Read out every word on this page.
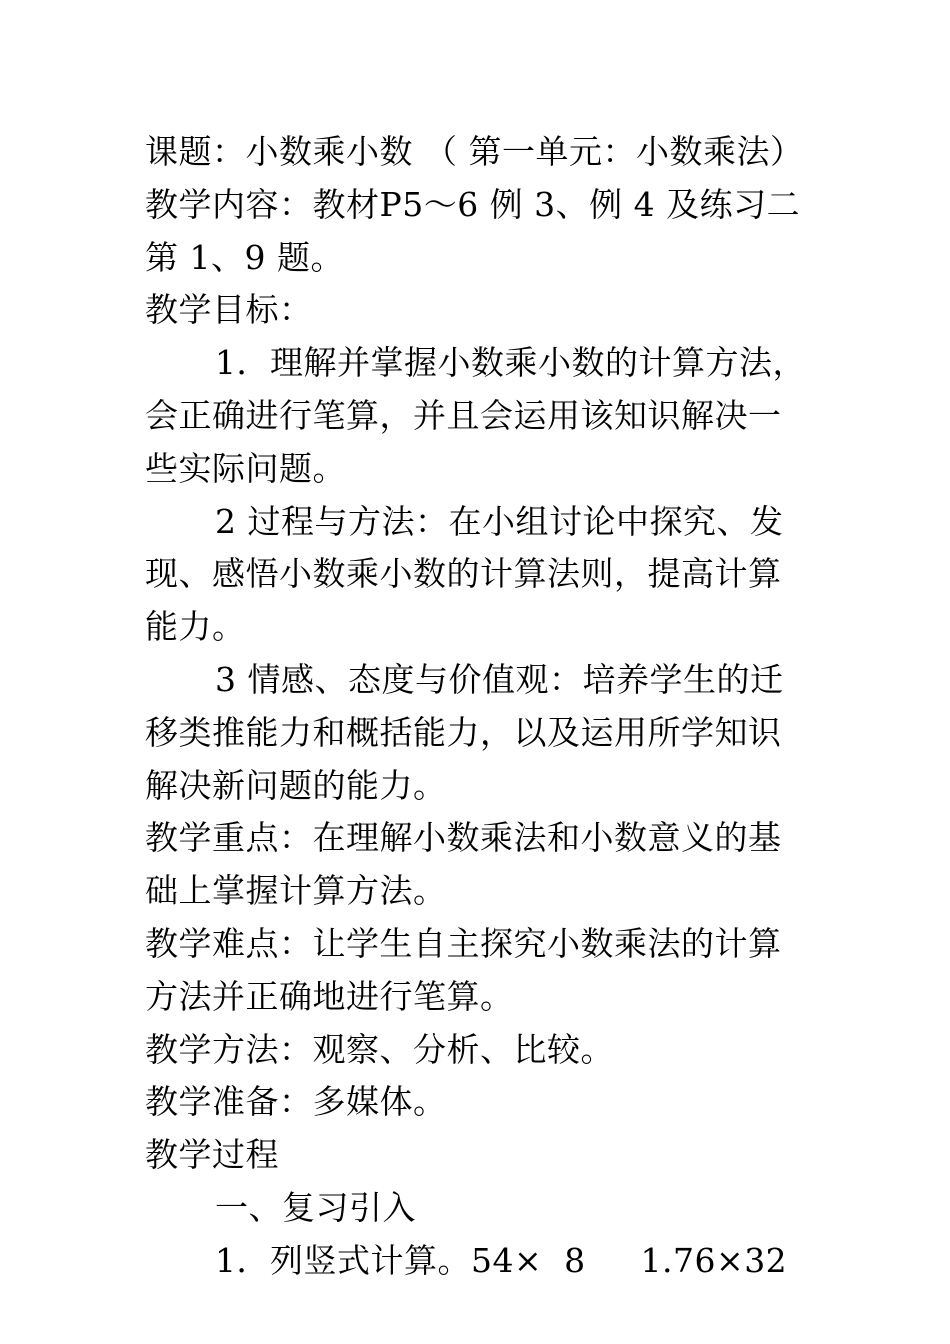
课题：小数乘小数 （ 第一单元：小数乘法）

教学内容：教材P5～6 例 3、例 4 及练习二第 1、9 题。

教学目标：

1．理解并掌握小数乘小数的计算方法，会正确进行笔算，并且会运用该知识解决一些实际问题。

2 过程与方法：在小组讨论中探究、发现、感悟小数乘小数的计算法则，提高计算能力。

3 情感、态度与价值观：培养学生的迁移类推能力和概括能力，以及运用所学知识解决新问题的能力。

教学重点：在理解小数乘法和小数意义的基础上掌握计算方法。

教学难点：让学生自主探究小数乘法的计算方法并正确地进行笔算。

教学方法：观察、分析、比较。

教学准备：多媒体。

教学过程

一、复习引入

1．列竖式计算。54×  8     1.76×32
